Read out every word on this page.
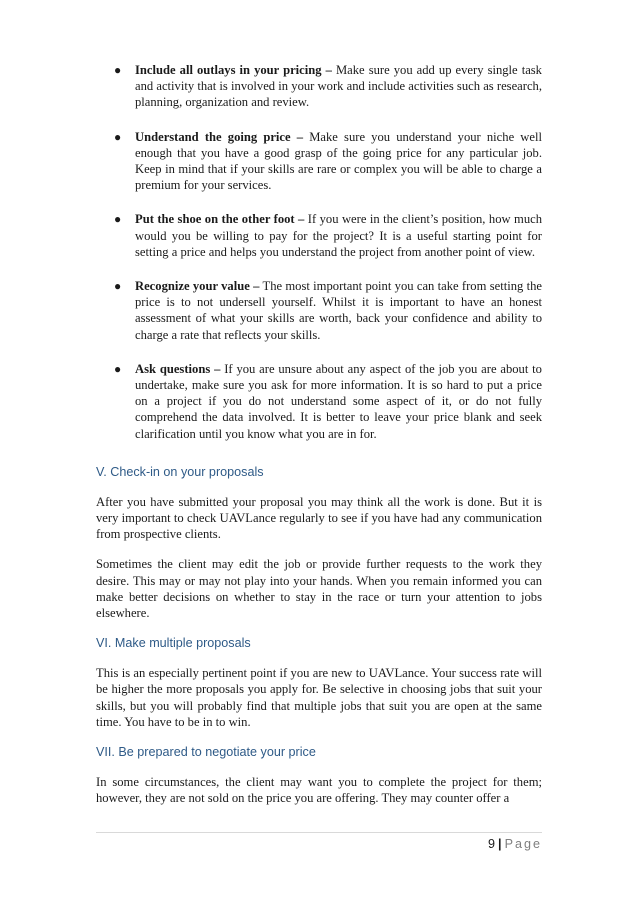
● Include all outlays in your pricing – Make sure you add up every single task and activity that is involved in your work and include activities such as research, planning, organization and review.
● Understand the going price – Make sure you understand your niche well enough that you have a good grasp of the going price for any particular job. Keep in mind that if your skills are rare or complex you will be able to charge a premium for your services.
● Put the shoe on the other foot – If you were in the client’s position, how much would you be willing to pay for the project? It is a useful starting point for setting a price and helps you understand the project from another point of view.
● Recognize your value – The most important point you can take from setting the price is to not undersell yourself. Whilst it is important to have an honest assessment of what your skills are worth, back your confidence and ability to charge a rate that reflects your skills.
● Ask questions – If you are unsure about any aspect of the job you are about to undertake, make sure you ask for more information. It is so hard to put a price on a project if you do not understand some aspect of it, or do not fully comprehend the data involved. It is better to leave your price blank and seek clarification until you know what you are in for.
V. Check-in on your proposals

After you have submitted your proposal you may think all the work is done. But it is very important to check UAVLance regularly to see if you have had any communication from prospective clients.

Sometimes the client may edit the job or provide further requests to the work they desire. This may or may not play into your hands. When you remain informed you can make better decisions on whether to stay in the race or turn your attention to jobs elsewhere.

VI. Make multiple proposals

This is an especially pertinent point if you are new to UAVLance. Your success rate will be higher the more proposals you apply for. Be selective in choosing jobs that suit your skills, but you will probably find that multiple jobs that suit you are open at the same time. You have to be in to win.

VII. Be prepared to negotiate your price

In some circumstances, the client may want you to complete the project for them; however, they are not sold on the price you are offering. They may counter offer a

9 | Page
